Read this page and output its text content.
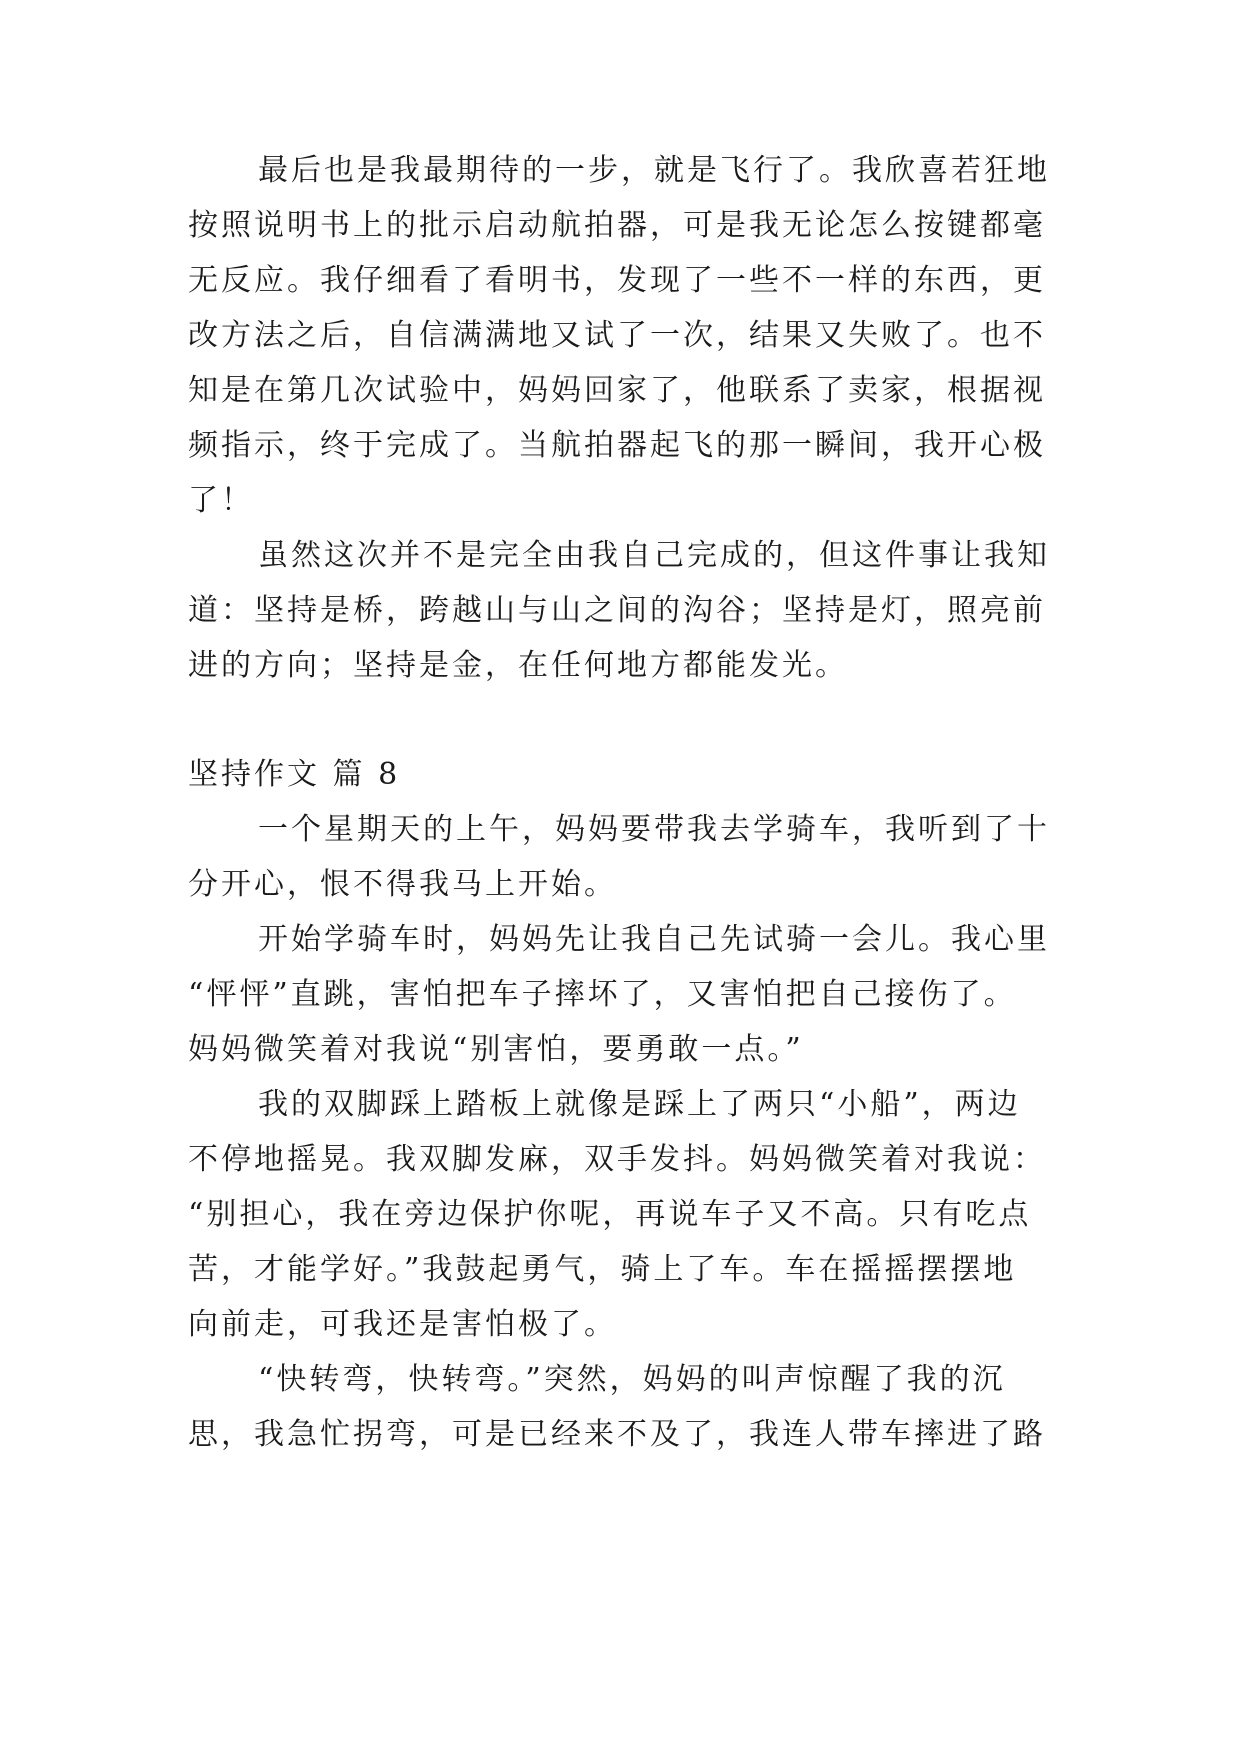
最后也是我最期待的一步，就是飞行了。我欣喜若狂地
按照说明书上的批示启动航拍器，可是我无论怎么按键都毫
无反应。我仔细看了看明书，发现了一些不一样的东西，更
改方法之后，自信满满地又试了一次，结果又失败了。也不
知是在第几次试验中，妈妈回家了，他联系了卖家，根据视
频指示，终于完成了。当航拍器起飞的那一瞬间，我开心极
了！
虽然这次并不是完全由我自己完成的，但这件事让我知
道：坚持是桥，跨越山与山之间的沟谷；坚持是灯，照亮前
进的方向；坚持是金，在任何地方都能发光。
坚持作文 篇 8
一个星期天的上午，妈妈要带我去学骑车，我听到了十
分开心，恨不得我马上开始。
开始学骑车时，妈妈先让我自己先试骑一会儿。我心里
“怦怦”直跳，害怕把车子摔坏了，又害怕把自己接伤了。
妈妈微笑着对我说“别害怕，要勇敢一点。”
我的双脚踩上踏板上就像是踩上了两只“小船”，两边
不停地摇晃。我双脚发麻，双手发抖。妈妈微笑着对我说：
“别担心，我在旁边保护你呢，再说车子又不高。只有吃点
苦，才能学好。”我鼓起勇气，骑上了车。车在摇摇摆摆地
向前走，可我还是害怕极了。
“快转弯，快转弯。”突然，妈妈的叫声惊醒了我的沉
思，我急忙拐弯，可是已经来不及了，我连人带车摔进了路
